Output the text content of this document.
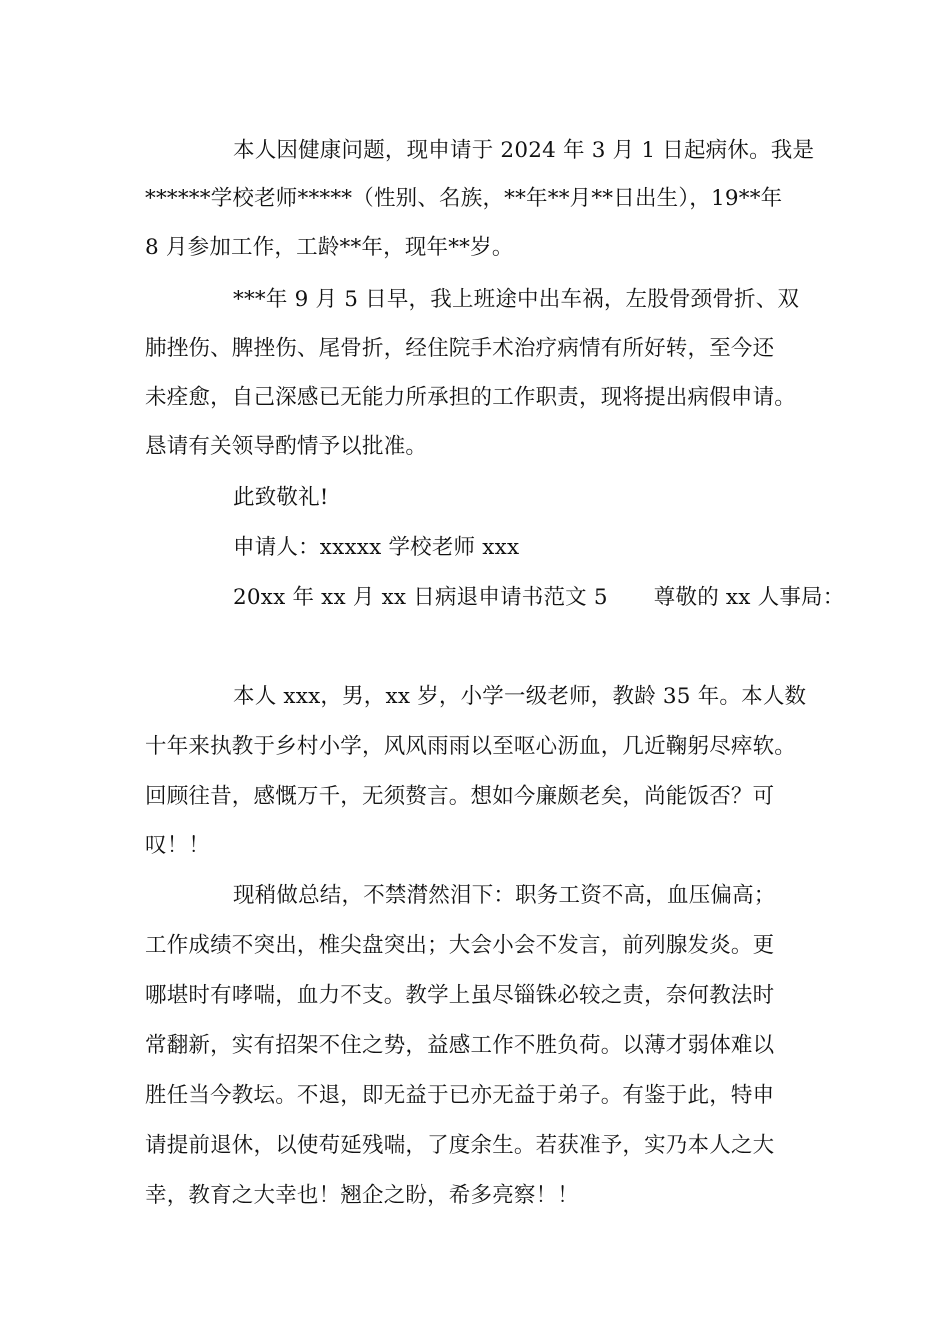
本人因健康问题，现申请于 2024 年 3 月 1 日起病休。我是
******学校老师*****（性别、名族，**年**月**日出生），19**年
8 月参加工作，工龄**年，现年**岁。
***年 9 月 5 日早，我上班途中出车祸，左股骨颈骨折、双
肺挫伤、脾挫伤、尾骨折，经住院手术治疗病情有所好转，至今还
未痊愈，自己深感已无能力所承担的工作职责，现将提出病假申请。
恳请有关领导酌情予以批准。
此致敬礼!
申请人：xxxxx 学校老师 xxx
20xx 年 xx 月 xx 日病退申请书范文 5 尊敬的 xx 人事局：
本人 xxx，男，xx 岁，小学一级老师，教龄 35 年。本人数
十年来执教于乡村小学，风风雨雨以至呕心沥血，几近鞠躬尽瘁软。
回顾往昔，感慨万千，无须赘言。想如今廉颇老矣，尚能饭否？可
叹！！
现稍做总结，不禁潸然泪下：职务工资不高，血压偏高；
工作成绩不突出，椎尖盘突出；大会小会不发言，前列腺发炎。更
哪堪时有哮喘，血力不支。教学上虽尽锱铢必较之责，奈何教法时
常翻新，实有招架不住之势，益感工作不胜负荷。以薄才弱体难以
胜任当今教坛。不退，即无益于已亦无益于弟子。有鉴于此，特申
请提前退休，以使苟延残喘，了度余生。若获准予，实乃本人之大
幸，教育之大幸也！翘企之盼，希多亮察！！
